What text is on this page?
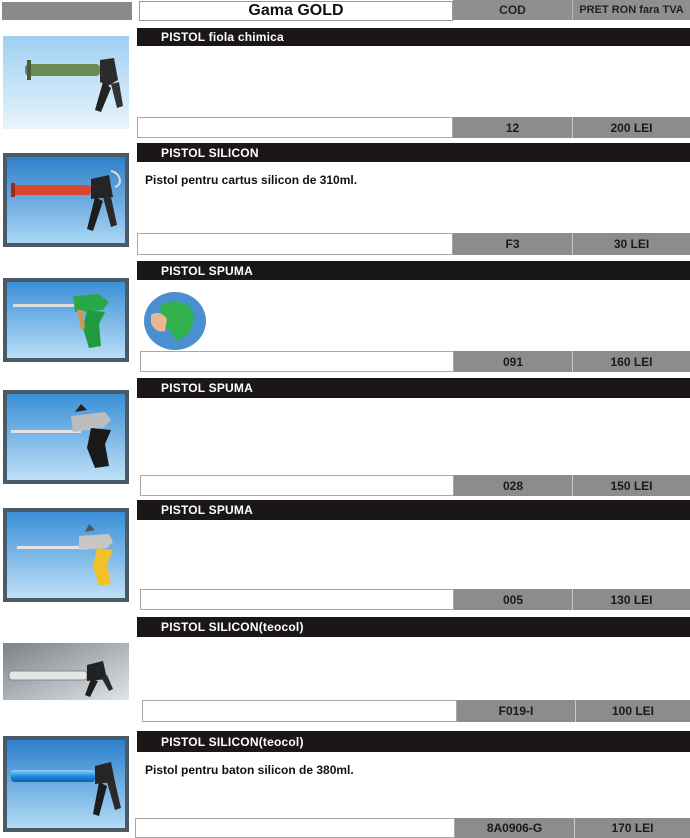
Gama GOLD	COD	PRET RON fara TVA
PISTOL fiola chimica
12	200 LEI
PISTOL SILICON
Pistol pentru cartus silicon de 310ml.
F3	30 LEI
PISTOL SPUMA
091	160 LEI
PISTOL SPUMA
028	150 LEI
PISTOL SPUMA
005	130 LEI
PISTOL SILICON(teocol)
F019-I	100 LEI
PISTOL SILICON(teocol)
Pistol pentru baton silicon de 380ml.
8A0906-G	170 LEI
